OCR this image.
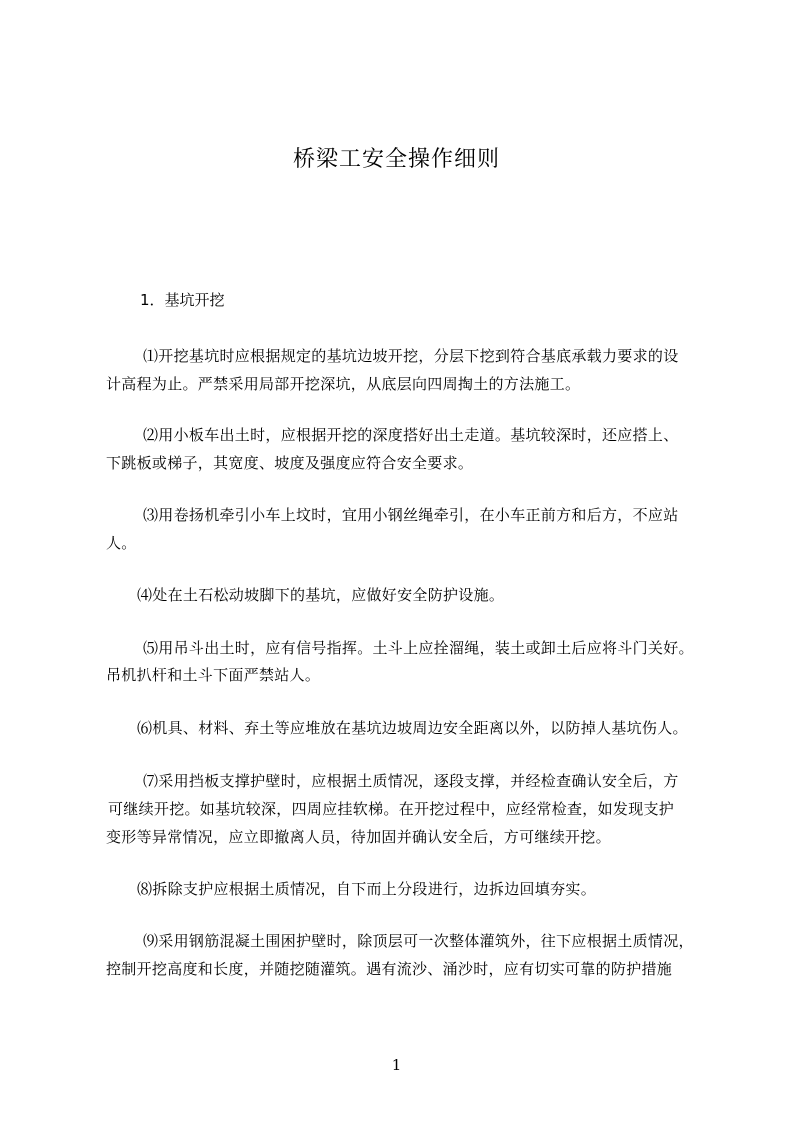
桥梁工安全操作细则
1．基坑开挖
⑴开挖基坑时应根据规定的基坑边坡开挖，分层下挖到符合基底承载力要求的设
计高程为止。严禁采用局部开挖深坑，从底层向四周掏土的方法施工。
⑵用小板车出土时，应根据开挖的深度搭好出土走道。基坑较深时，还应搭上、
下跳板或梯子，其宽度、坡度及强度应符合安全要求。
⑶用卷扬机牵引小车上坟时，宜用小钢丝绳牵引，在小车正前方和后方，不应站
人。
⑷处在土石松动坡脚下的基坑，应做好安全防护设施。
⑸用吊斗出土时，应有信号指挥。土斗上应拴溜绳，装土或卸土后应将斗门关好。
吊机扒杆和土斗下面严禁站人。
⑹机具、材料、弃土等应堆放在基坑边坡周边安全距离以外，以防掉人基坑伤人。
⑺采用挡板支撑护壁时，应根据土质情况，逐段支撑，并经检查确认安全后，方
可继续开挖。如基坑较深，四周应挂软梯。在开挖过程中，应经常检查，如发现支护
变形等异常情况，应立即撤离人员，待加固并确认安全后，方可继续开挖。
⑻拆除支护应根据土质情况，自下而上分段进行，边拆边回填夯实。
⑼采用钢筋混凝土围困护壁时，除顶层可一次整体灌筑外，往下应根据土质情况，
控制开挖高度和长度，并随挖随灌筑。遇有流沙、涌沙时，应有切实可靠的防护措施
1
